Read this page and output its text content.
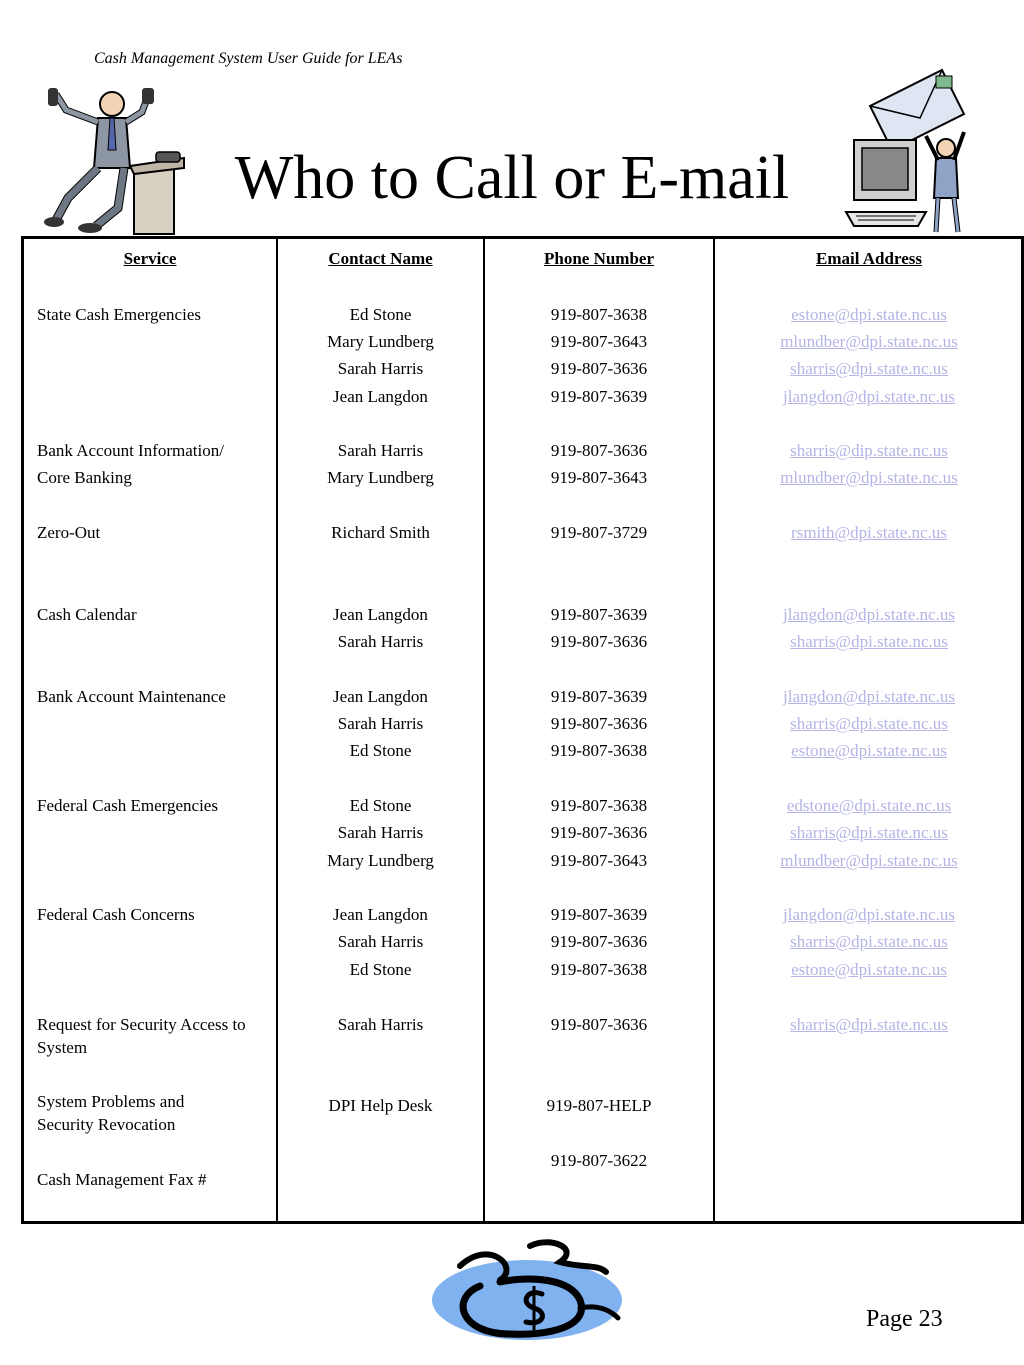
Cash Management System User Guide for LEAs
Who to Call or E-mail
Service
State Cash Emergencies
Bank Account Information/
Core Banking
Zero-Out
Cash Calendar
Bank Account Maintenance
Federal Cash Emergencies
Federal Cash Concerns
Request for Security Access to System
System Problems and Security Revocation
Cash Management Fax #
Contact Name
Ed Stone
Mary Lundberg
Sarah Harris
Jean Langdon
Sarah Harris
Mary Lundberg
Richard Smith
Jean Langdon
Sarah Harris
Jean Langdon
Sarah Harris
Ed Stone
Ed Stone
Sarah Harris
Mary Lundberg
Jean Langdon
Sarah Harris
Ed Stone
Sarah Harris
DPI Help Desk
Phone Number
919-807-3638
919-807-3643
919-807-3636
919-807-3639
919-807-3636
919-807-3643
919-807-3729
919-807-3639
919-807-3636
919-807-3639
919-807-3636
919-807-3638
919-807-3638
919-807-3636
919-807-3643
919-807-3639
919-807-3636
919-807-3638
919-807-3636
919-807-HELP
919-807-3622
Email Address
estone@dpi.state.nc.us
mlundber@dpi.state.nc.us
sharris@dpi.state.nc.us
jlangdon@dpi.state.nc.us
sharris@dip.state.nc.us
mlundber@dpi.state.nc.us
rsmith@dpi.state.nc.us
jlangdon@dpi.state.nc.us
sharris@dpi.state.nc.us
jlangdon@dpi.state.nc.us
sharris@dpi.state.nc.us
estone@dpi.state.nc.us
edstone@dpi.state.nc.us
sharris@dpi.state.nc.us
mlundber@dpi.state.nc.us
jlangdon@dpi.state.nc.us
sharris@dpi.state.nc.us
estone@dpi.state.nc.us
sharris@dpi.state.nc.us
Page 23
